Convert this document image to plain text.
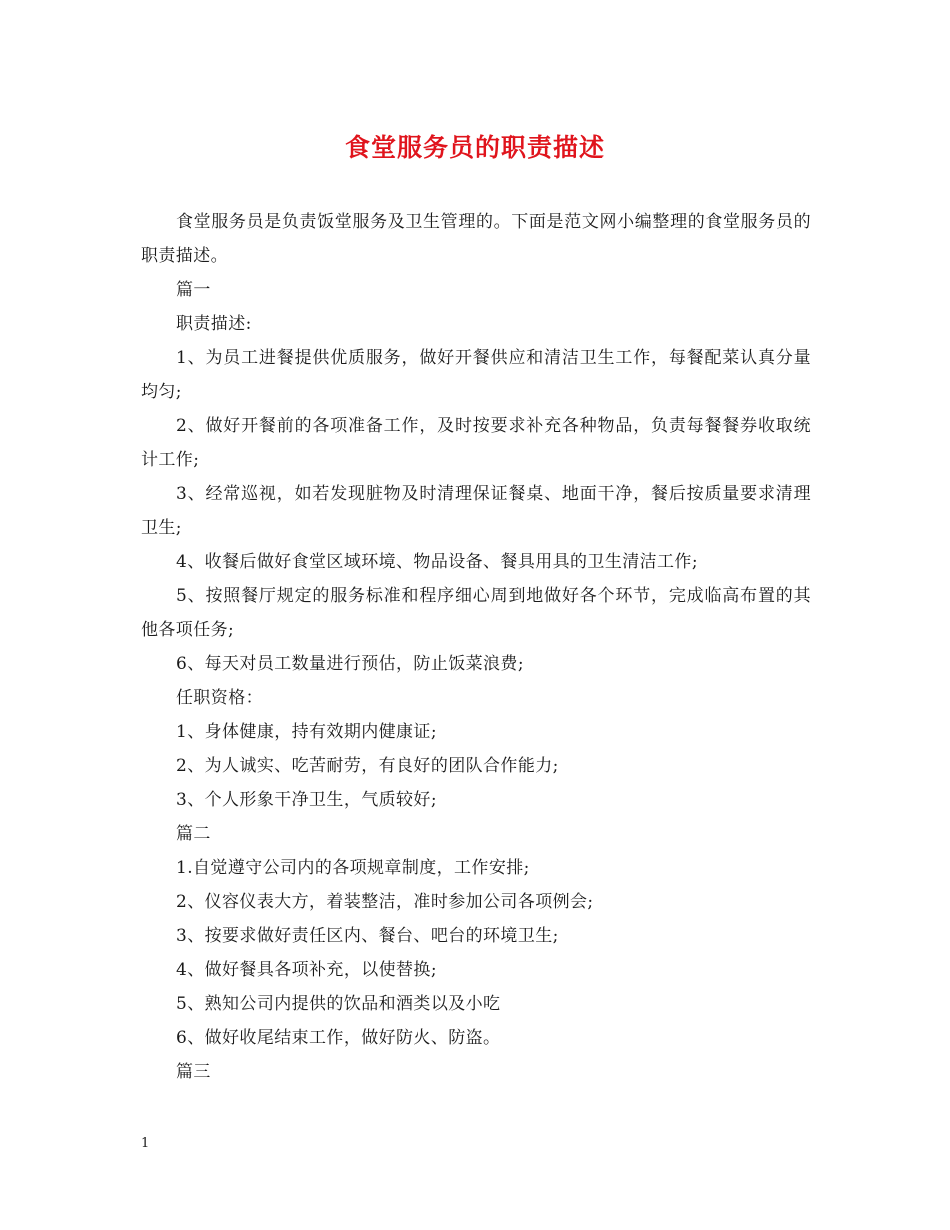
食堂服务员的职责描述

食堂服务员是负责饭堂服务及卫生管理的。下面是范文网小编整理的食堂服务员的职责描述。

篇一

职责描述:

1、为员工进餐提供优质服务，做好开餐供应和清洁卫生工作，每餐配菜认真分量均匀;

2、做好开餐前的各项准备工作，及时按要求补充各种物品，负责每餐餐券收取统计工作;

3、经常巡视，如若发现脏物及时清理保证餐桌、地面干净，餐后按质量要求清理卫生;

4、收餐后做好食堂区域环境、物品设备、餐具用具的卫生清洁工作;

5、按照餐厅规定的服务标准和程序细心周到地做好各个环节，完成临高布置的其他各项任务;

6、每天对员工数量进行预估，防止饭菜浪费;

任职资格：

1、身体健康，持有效期内健康证;

2、为人诚实、吃苦耐劳，有良好的团队合作能力;

3、个人形象干净卫生，气质较好;

篇二

1.自觉遵守公司内的各项规章制度，工作安排;

2、仪容仪表大方，着装整洁，准时参加公司各项例会;

3、按要求做好责任区内、餐台、吧台的环境卫生;

4、做好餐具各项补充，以使替换;

5、熟知公司内提供的饮品和酒类以及小吃

6、做好收尾结束工作，做好防火、防盗。

篇三

1
